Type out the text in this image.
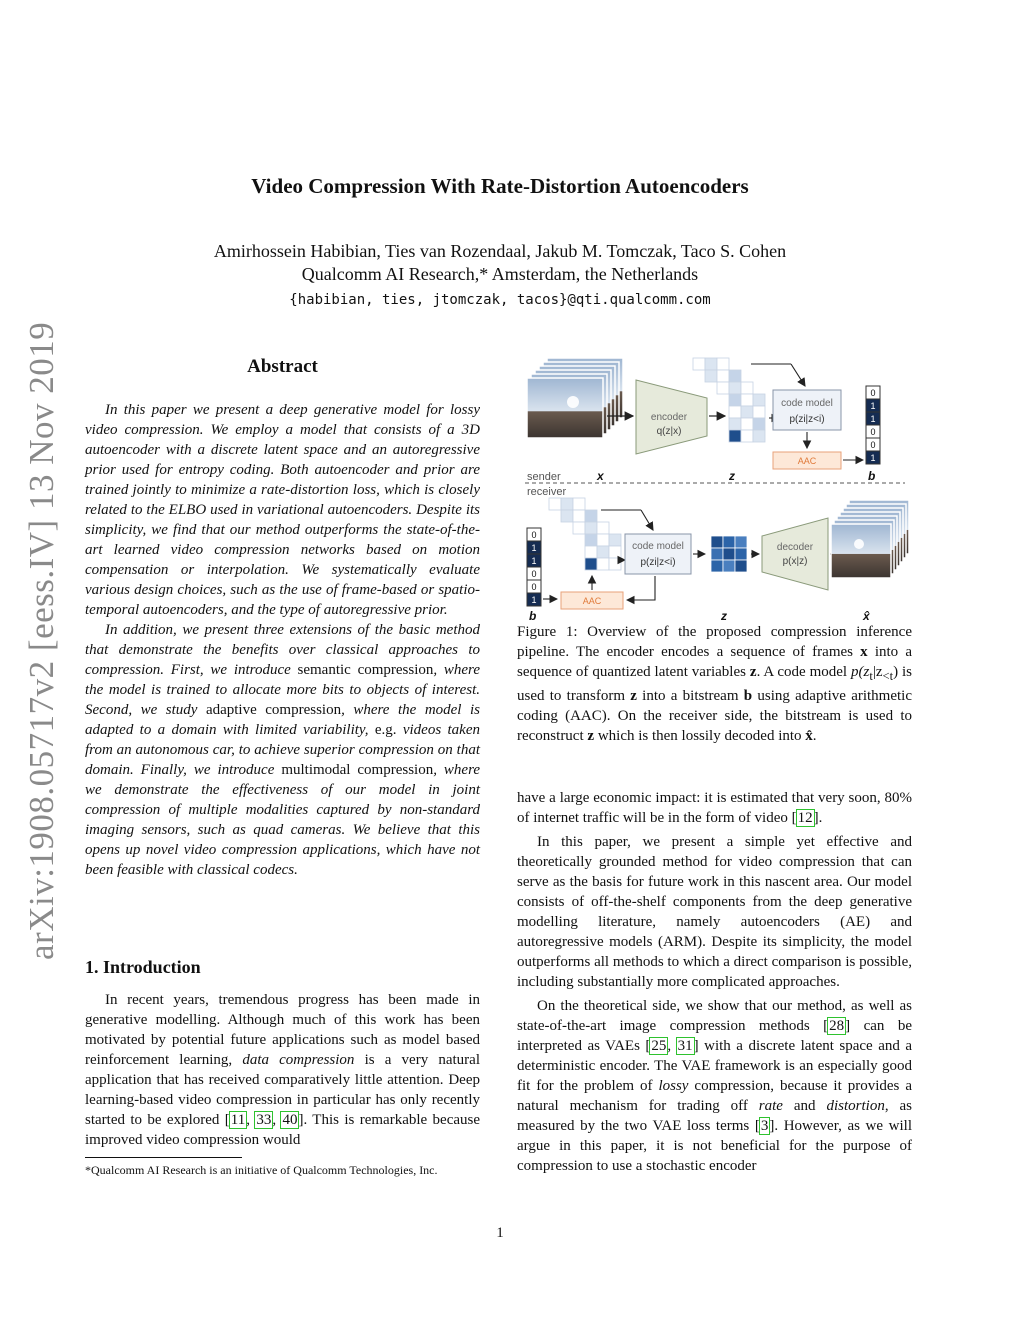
arXiv:1908.05717v2 [eess.IV] 13 Nov 2019
Video Compression With Rate-Distortion Autoencoders
Amirhossein Habibian, Ties van Rozendaal, Jakub M. Tomczak, Taco S. Cohen
Qualcomm AI Research,* Amsterdam, the Netherlands
{habibian, ties, jtomczak, tacos}@qti.qualcomm.com
Abstract

In this paper we present a deep generative model for lossy video compression. We employ a model that consists of a 3D autoencoder with a discrete latent space and an autoregressive prior used for entropy coding. Both autoencoder and prior are trained jointly to minimize a rate-distortion loss, which is closely related to the ELBO used in variational autoencoders. Despite its simplicity, we find that our method outperforms the state-of-the-art learned video compression networks based on motion compensation or interpolation. We systematically evaluate various design choices, such as the use of frame-based or spatio-temporal autoencoders, and the type of autoregressive prior.

In addition, we present three extensions of the basic method that demonstrate the benefits over classical approaches to compression. First, we introduce semantic compression, where the model is trained to allocate more bits to objects of interest. Second, we study adaptive compression, where the model is adapted to a domain with limited variability, e.g. videos taken from an autonomous car, to achieve superior compression on that domain. Finally, we introduce multimodal compression, where we demonstrate the effectiveness of our model in joint compression of multiple modalities captured by non-standard imaging sensors, such as quad cameras. We believe that this opens up novel video compression applications, which have not been feasible with classical codecs.

1. Introduction

In recent years, tremendous progress has been made in generative modelling. Although much of this work has been motivated by potential future applications such as model based reinforcement learning, data compression is a very natural application that has received comparatively little attention. Deep learning-based video compression in particular has only recently started to be explored [11, 33, 40]. This is remarkable because improved video compression would

*Qualcomm AI Research is an initiative of Qualcomm Technologies, Inc.
encoder
q(z|x)
code model
p(zi|z<i)
AAC
0
1
1
0
0
1
sender
receiver
x	z	b
0
1
1
0
0
1
b
AAC
code model
p(zi|z<i)
z
decoder
p(x|z)
x̂
Figure 1: Overview of the proposed compression inference pipeline. The encoder encodes a sequence of frames x into a sequence of quantized latent variables z. A code model $p(z_t|z_{<t})$ is used to transform z into a bitstream b using adaptive arithmetic coding (AAC). On the receiver side, the bitstream is used to reconstruct z which is then lossily decoded into x̂.

have a large economic impact: it is estimated that very soon, 80% of internet traffic will be in the form of video [12].

In this paper, we present a simple yet effective and theoretically grounded method for video compression that can serve as the basis for future work in this nascent area. Our model consists of off-the-shelf components from the deep generative modelling literature, namely autoencoders (AE) and autoregressive models (ARM). Despite its simplicity, the model outperforms all methods to which a direct comparison is possible, including substantially more complicated approaches.

On the theoretical side, we show that our method, as well as state-of-the-art image compression methods [28] can be interpreted as VAEs [25, 31] with a discrete latent space and a deterministic encoder. The VAE framework is an especially good fit for the problem of lossy compression, because it provides a natural mechanism for trading off rate and distortion, as measured by the two VAE loss terms [3]. However, as we will argue in this paper, it is not beneficial for the purpose of compression to use a stochastic encoder

1
